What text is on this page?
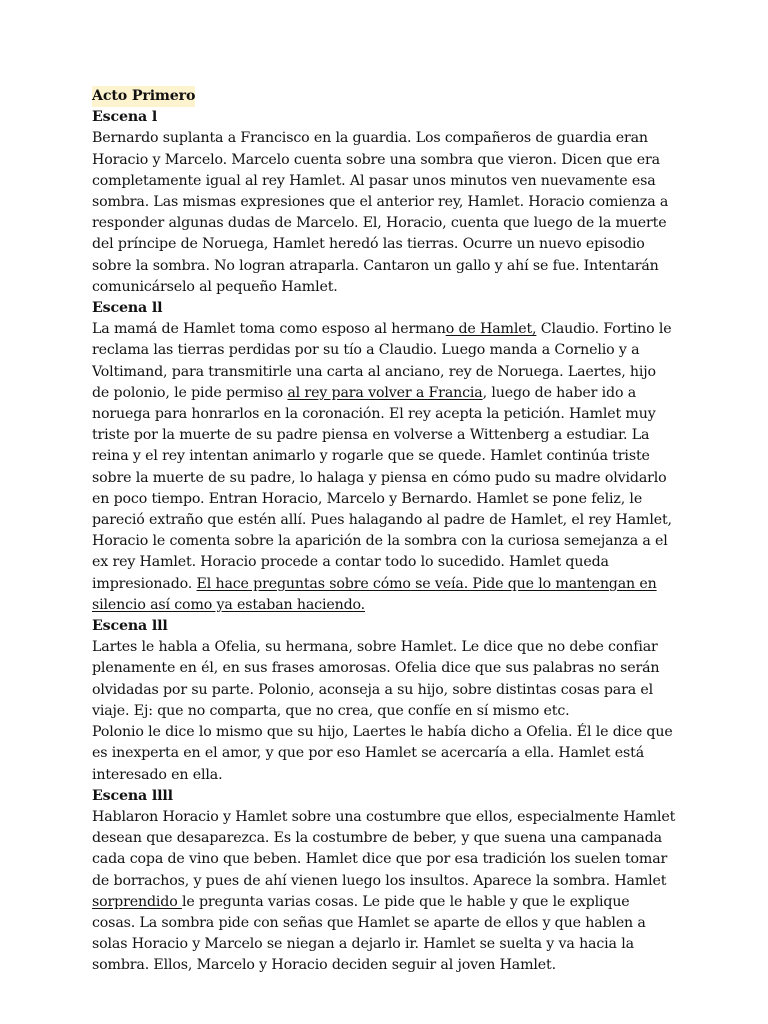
Acto Primero
Escena l

Bernardo suplanta a Francisco en la guardia. Los compañeros de guardia eran Horacio y Marcelo. Marcelo cuenta sobre una sombra que vieron. Dicen que era completamente igual al rey Hamlet. Al pasar unos minutos ven nuevamente esa sombra. Las mismas expresiones que el anterior rey, Hamlet. Horacio comienza a responder algunas dudas de Marcelo. El, Horacio, cuenta que luego de la muerte del príncipe de Noruega, Hamlet heredó las tierras. Ocurre un nuevo episodio sobre la sombra. No logran atraparla. Cantaron un gallo y ahí se fue. Intentarán comunicárselo al pequeño Hamlet.

Escena ll

La mamá de Hamlet toma como esposo al hermano de Hamlet, Claudio. Fortino le reclama las tierras perdidas por su tío a Claudio. Luego manda a Cornelio y a Voltimand, para transmitirle una carta al anciano, rey de Noruega. Laertes, hijo de polonio, le pide permiso al rey para volver a Francia, luego de haber ido a noruega para honrarlos en la coronación. El rey acepta la petición. Hamlet muy triste por la muerte de su padre piensa en volverse a Wittenberg a estudiar. La reina y el rey intentan animarlo y rogarle que se quede. Hamlet continúa triste sobre la muerte de su padre, lo halaga y piensa en cómo pudo su madre olvidarlo en poco tiempo. Entran Horacio, Marcelo y Bernardo. Hamlet se pone feliz, le pareció extraño que estén allí. Pues halagando al padre de Hamlet, el rey Hamlet, Horacio le comenta sobre la aparición de la sombra con la curiosa semejanza a el ex rey Hamlet. Horacio procede a contar todo lo sucedido. Hamlet queda impresionado. El hace preguntas sobre cómo se veía. Pide que lo mantengan en silencio así como ya estaban haciendo.

Escena lll

Lartes le habla a Ofelia, su hermana, sobre Hamlet. Le dice que no debe confiar plenamente en él, en sus frases amorosas. Ofelia dice que sus palabras no serán olvidadas por su parte. Polonio, aconseja a su hijo, sobre distintas cosas para el viaje. Ej: que no comparta, que no crea, que confíe en sí mismo etc.

Polonio le dice lo mismo que su hijo, Laertes le había dicho a Ofelia. Él le dice que es inexperta en el amor, y que por eso Hamlet se acercaría a ella. Hamlet está interesado en ella.

Escena llll

Hablaron Horacio y Hamlet sobre una costumbre que ellos, especialmente Hamlet desean que desaparezca. Es la costumbre de beber, y que suena una campanada cada copa de vino que beben. Hamlet dice que por esa tradición los suelen tomar de borrachos, y pues de ahí vienen luego los insultos. Aparece la sombra. Hamlet sorprendido le pregunta varias cosas. Le pide que le hable y que le explique cosas. La sombra pide con señas que Hamlet se aparte de ellos y que hablen a solas Horacio y Marcelo se niegan a dejarlo ir. Hamlet se suelta y va hacia la sombra. Ellos, Marcelo y Horacio deciden seguir al joven Hamlet.
